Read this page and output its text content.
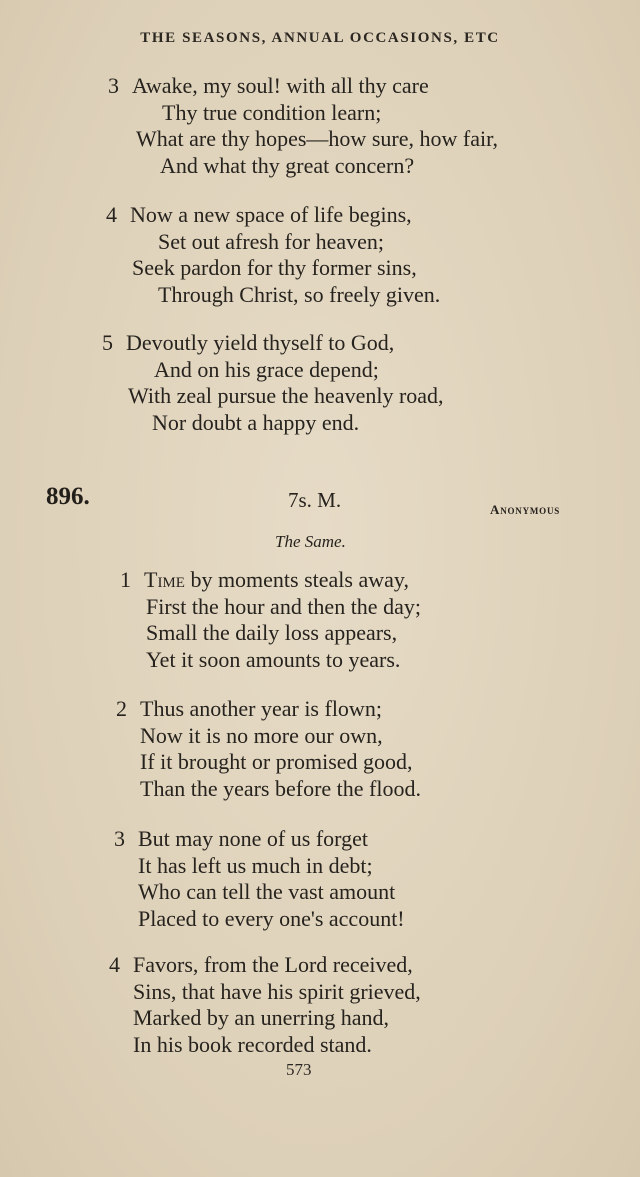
THE SEASONS, ANNUAL OCCASIONS, ETC
3 Awake, my soul! with all thy care
Thy true condition learn;
What are thy hopes—how sure, how fair,
And what thy great concern?
4 Now a new space of life begins,
Set out afresh for heaven;
Seek pardon for thy former sins,
Through Christ, so freely given.
5 Devoutly yield thyself to God,
And on his grace depend;
With zeal pursue the heavenly road,
Nor doubt a happy end.
896.	7s. M.	Anonymous
The Same.
1 Time by moments steals away,
First the hour and then the day;
Small the daily loss appears,
Yet it soon amounts to years.
2 Thus another year is flown;
Now it is no more our own,
If it brought or promised good,
Than the years before the flood.
3 But may none of us forget
It has left us much in debt;
Who can tell the vast amount
Placed to every one's account!
4 Favors, from the Lord received,
Sins, that have his spirit grieved,
Marked by an unerring hand,
In his book recorded stand.
573
